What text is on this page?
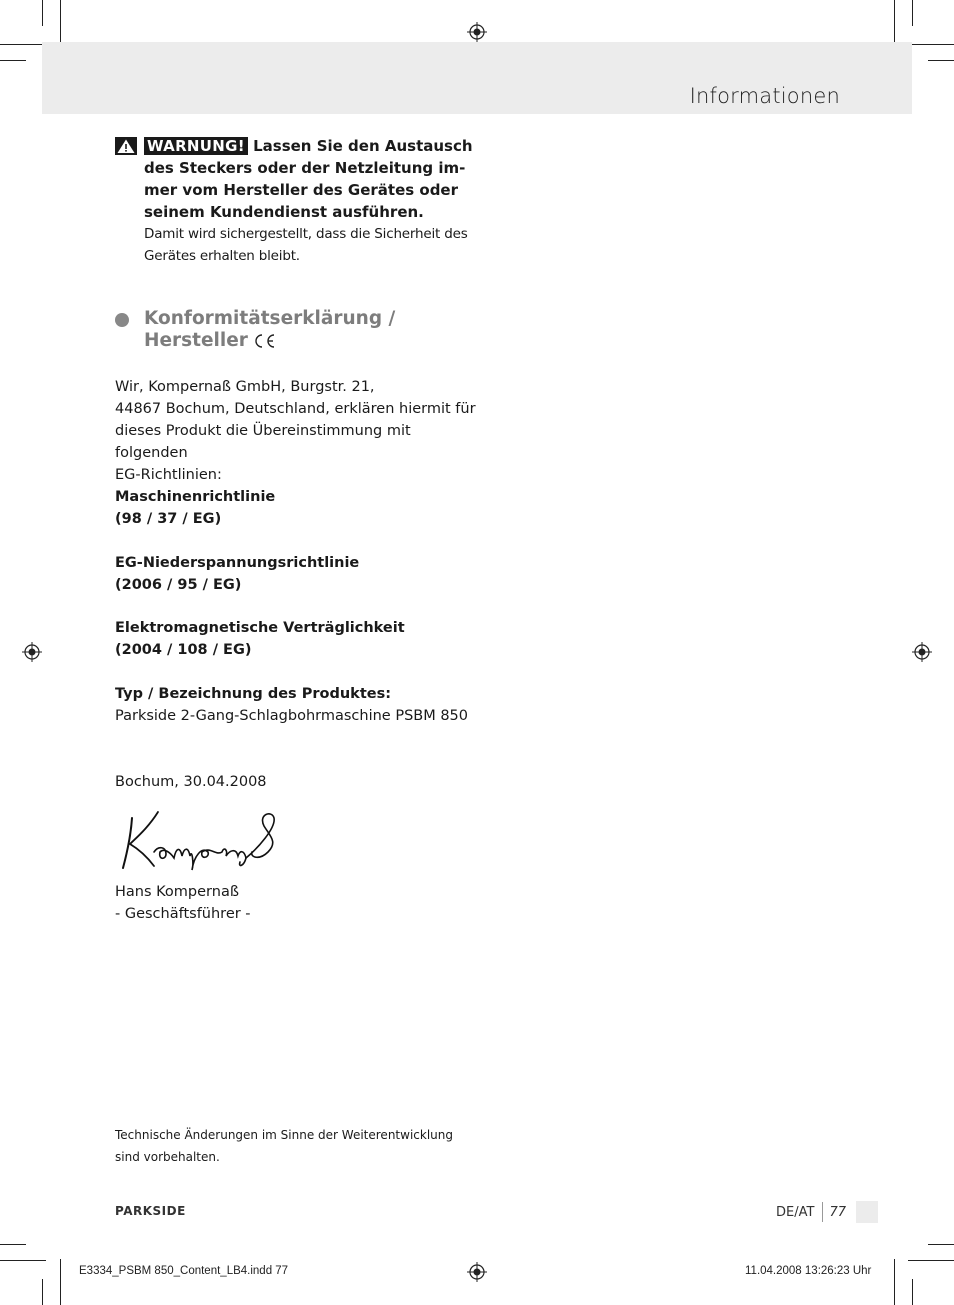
Informationen
WARNUNG! Lassen Sie den Austausch
des Steckers oder der Netzleitung im-
mer vom Hersteller des Gerätes oder
seinem Kundendienst ausführen.
Damit wird sichergestellt, dass die Sicherheit des
Gerätes erhalten bleibt.
Konformitätserklärung /
Hersteller
Wir, Kompernaß GmbH, Burgstr. 21,
44867 Bochum, Deutschland, erklären hiermit für
dieses Produkt die Übereinstimmung mit folgenden
EG-Richtlinien:
Maschinenrichtlinie
(98 / 37 / EG)
EG-Niederspannungsrichtlinie
(2006 / 95 / EG)
Elektromagnetische Verträglichkeit
(2004 / 108 / EG)
Typ / Bezeichnung des Produktes:
Parkside 2-Gang-Schlagbohrmaschine PSBM 850
Bochum, 30.04.2008
Hans Kompernaß
- Geschäftsführer -
Technische Änderungen im Sinne der Weiterentwicklung
sind vorbehalten.
PARKSIDE	DE/AT 77
E3334_PSBM 850_Content_LB4.indd 77	11.04.2008 13:26:23 Uhr
